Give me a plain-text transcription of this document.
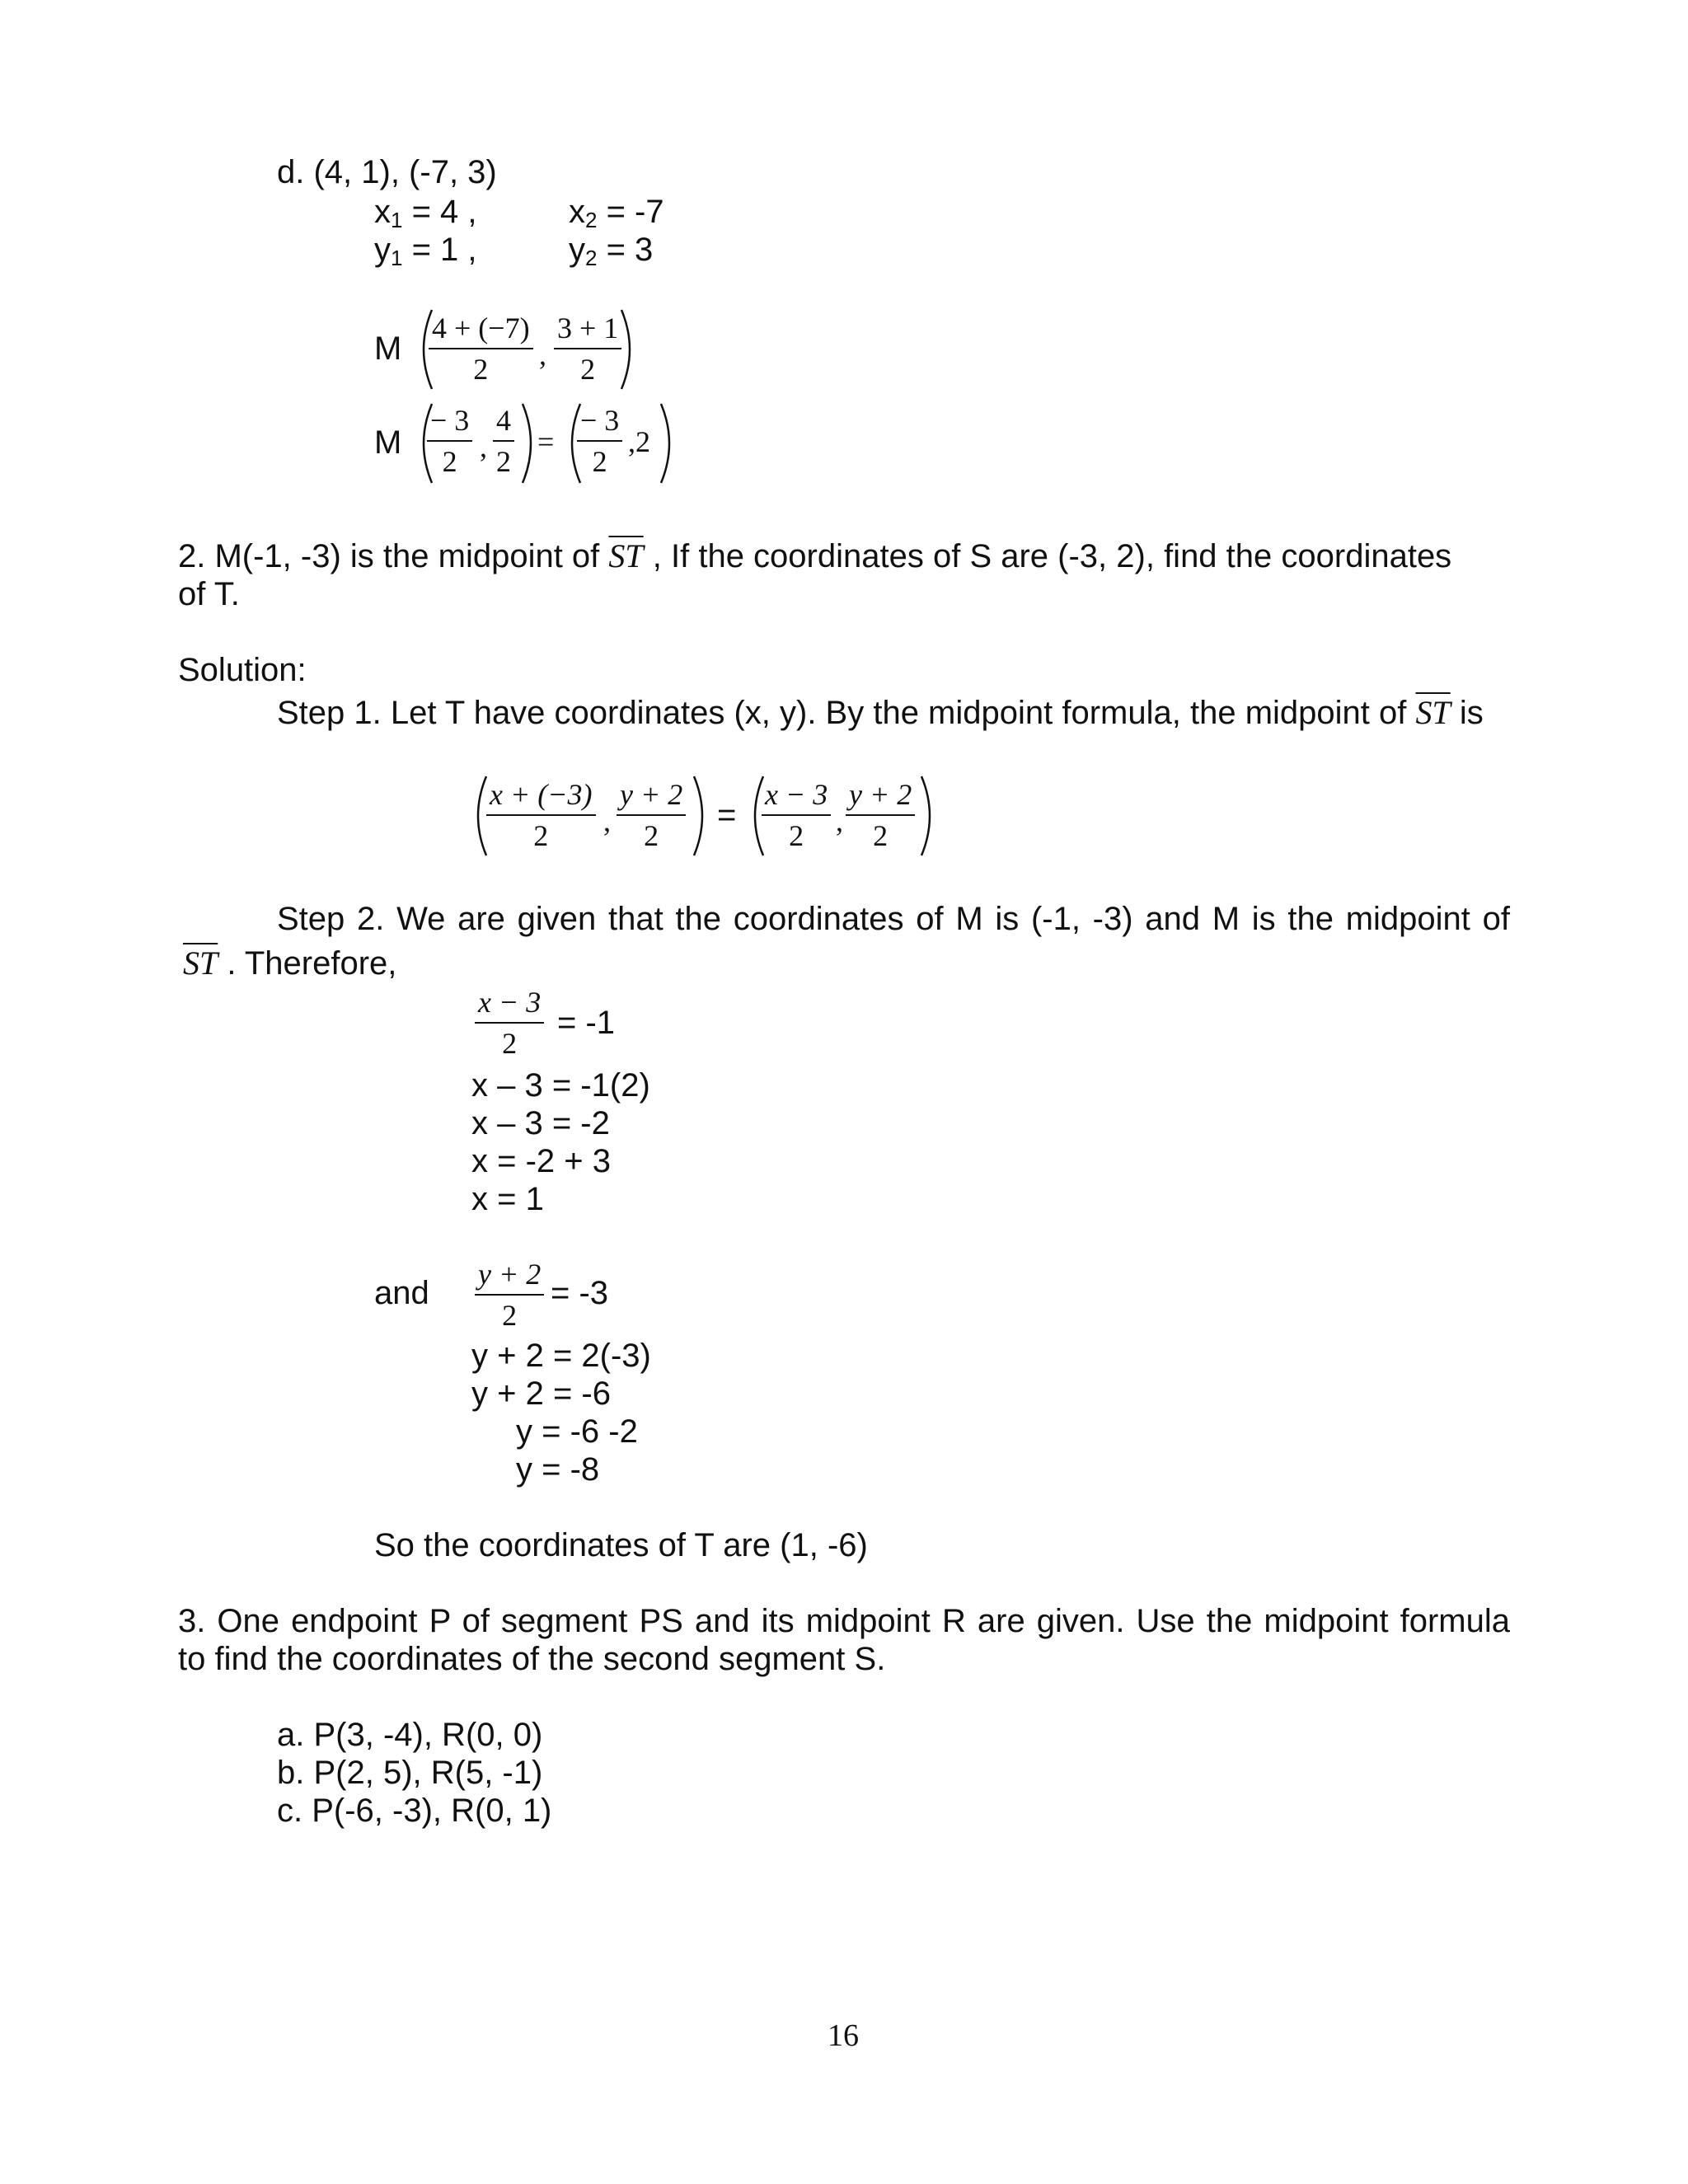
d. (4, 1), (-7, 3)
$x_1 = 4$ ,	$x_2 = -7$
$y_1 = 1$ ,	$y_2 = 3$
M
4 + (−7)
2 ,
3 + 1
2
M
− 3
2 ,
4
2
=
− 3
2
,2
2. M(-1, -3) is the midpoint of $\overline{ST}$ , If the coordinates of S are (-3, 2), find the coordinates
of T.
Solution:
Step 1. Let T have coordinates (x, y). By the midpoint formula, the midpoint of $\overline{ST}$ is
x + (−3)
2 ,
y + 2
2
=
x − 3
2 ,
y + 2
2
Step 2. We are given that the coordinates of M is (-1, -3) and M is the midpoint of
$\overline{ST}$ . Therefore,
x − 3
2
= -1
x – 3 = -1(2)
x – 3 = -2
x = -2 + 3
x = 1
and
y + 2
2
= -3
y + 2 = 2(-3)
y + 2 = -6
y = -6 -2
y = -8
So the coordinates of T are (1, -6)
3. One endpoint P of segment PS and its midpoint R are given. Use the midpoint formula
to find the coordinates of the second segment S.
a. P(3, -4), R(0, 0)
b. P(2, 5), R(5, -1)
c. P(-6, -3), R(0, 1)
16
